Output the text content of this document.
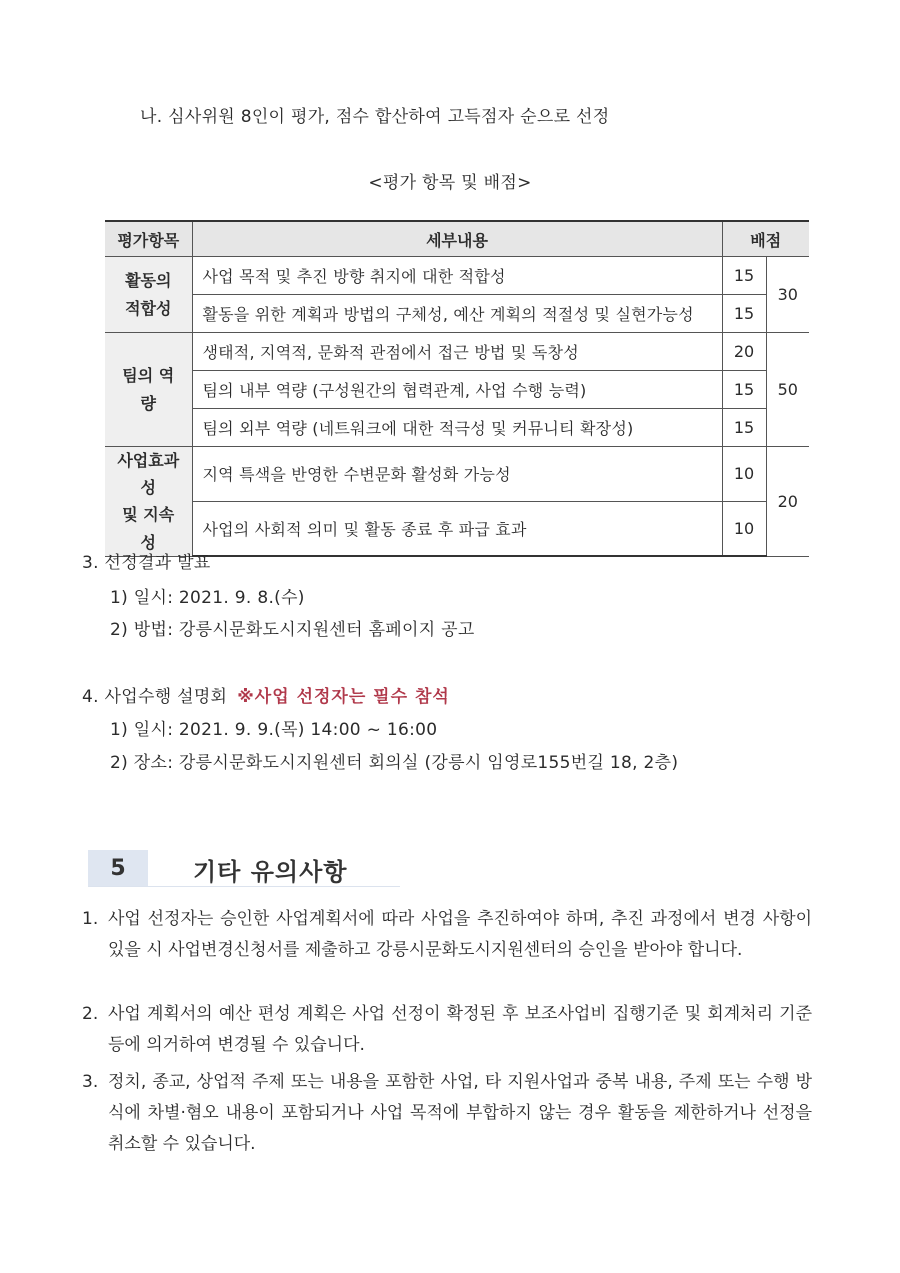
나. 심사위원 8인이 평가, 점수 합산하여 고득점자 순으로 선정
<평가 항목 및 배점>
평가항목	세부내용	배점	
활동의
적합성	사업 목적 및 추진 방향 취지에 대한 적합성	15	30
	활동을 위한 계획과 방법의 구체성, 예산 계획의 적절성 및 실현가능성	15	
팀의 역량	생태적, 지역적, 문화적 관점에서 접근 방법 및 독창성	20	50
	팀의 내부 역량 (구성원간의 협력관계, 사업 수행 능력)	15	
	팀의 외부 역량 (네트워크에 대한 적극성 및 커뮤니티 확장성)	15	
사업효과성
및 지속성	지역 특색을 반영한 수변문화 활성화 가능성	10	20
	사업의 사회적 의미 및 활동 종료 후 파급 효과	10	
3. 선정결과 발표
1) 일시: 2021. 9. 8.(수)
2) 방법: 강릉시문화도시지원센터 홈페이지 공고
4. 사업수행 설명회 ※사업 선정자는 필수 참석
1) 일시: 2021. 9. 9.(목) 14:00 ~ 16:00
2) 장소: 강릉시문화도시지원센터 회의실 (강릉시 임영로155번길 18, 2층)
5	기타 유의사항
1. 사업 선정자는 승인한 사업계획서에 따라 사업을 추진하여야 하며, 추진 과정에서 변경 사항이 있을 시 사업변경신청서를 제출하고 강릉시문화도시지원센터의 승인을 받아야 합니다.
2. 사업 계획서의 예산 편성 계획은 사업 선정이 확정된 후 보조사업비 집행기준 및 회계처리 기준 등에 의거하여 변경될 수 있습니다.
3. 정치, 종교, 상업적 주제 또는 내용을 포함한 사업, 타 지원사업과 중복 내용, 주제 또는 수행 방식에 차별·혐오 내용이 포함되거나 사업 목적에 부합하지 않는 경우 활동을 제한하거나 선정을 취소할 수 있습니다.
